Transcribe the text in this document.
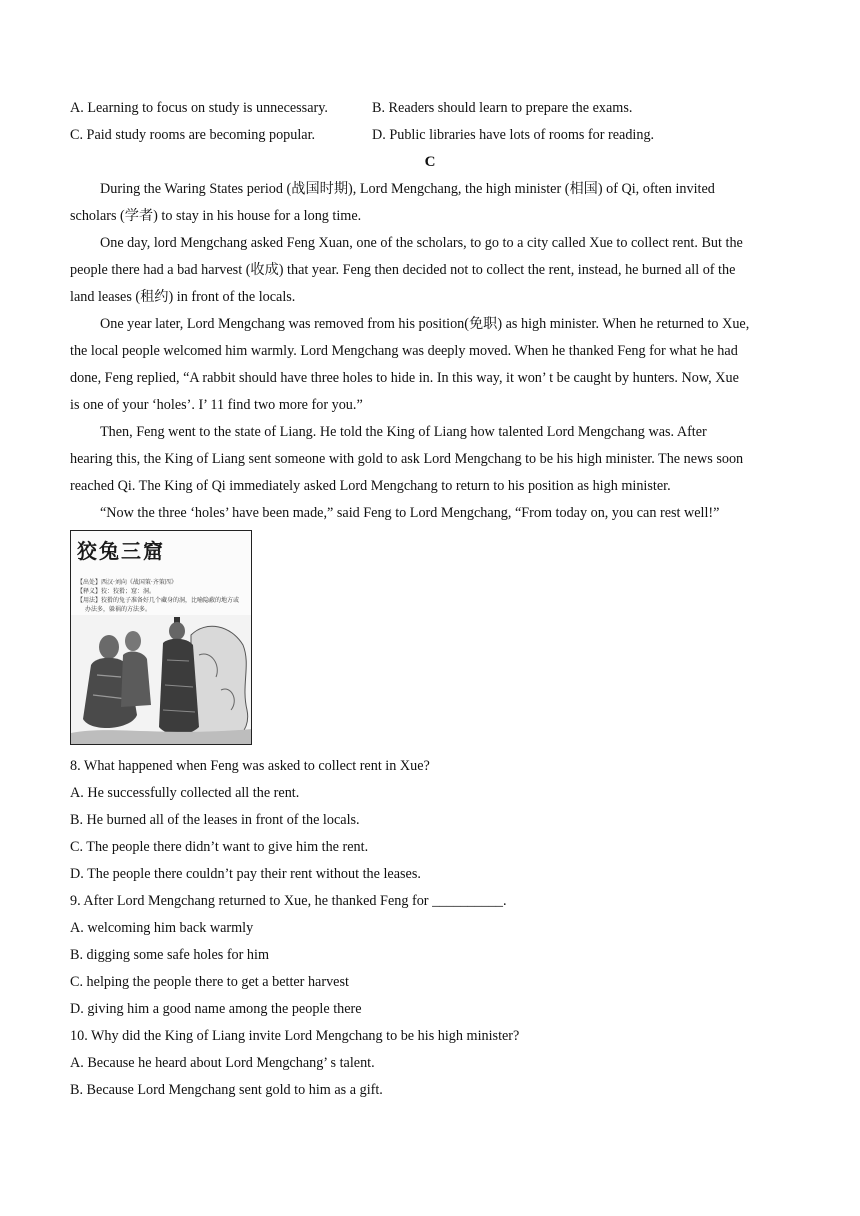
A. Learning to focus on study is unnecessary.	B. Readers should learn to prepare the exams.
C. Paid study rooms are becoming popular.	D. Public libraries have lots of rooms for reading.
C
During the Waring States period (战国时期), Lord Mengchang, the high minister (相国) of Qi, often invited
scholars (学者) to stay in his house for a long time.
One day, lord Mengchang asked Feng Xuan, one of the scholars, to go to a city called Xue to collect rent. But the
people there had a bad harvest (收成) that year. Feng then decided not to collect the rent, instead, he burned all of the
land leases (租约) in front of the locals.
One year later, Lord Mengchang was removed from his position(免职) as high minister. When he returned to Xue,
the local people welcomed him warmly. Lord Mengchang was deeply moved. When he thanked Feng for what he had
done, Feng replied, “A rabbit should have three holes to hide in. In this way, it won’ t be caught by hunters. Now, Xue
is one of your ‘holes’. I’ 11 find two more for you.”
Then, Feng went to the state of Liang. He told the King of Liang how talented Lord Mengchang was. After
hearing this, the King of Liang sent someone with gold to ask Lord Mengchang to be his high minister. The news soon
reached Qi. The King of Qi immediately asked Lord Mengchang to return to his position as high minister.
“Now the three ‘holes’ have been made,” said Feng to Lord Mengchang, “From today on, you can rest well!”
狡兔三窟
【出处】西汉·刘向《战国策·齐策四》
【释义】狡：狡猾；窟：洞。
【用法】狡猾的兔子准备好几个藏身的洞，比喻隐蔽的地方或
办法多，躲祸的方法多。
8. What happened when Feng was asked to collect rent in Xue?
A. He successfully collected all the rent.
B. He burned all of the leases in front of the locals.
C. The people there didn’t want to give him the rent.
D. The people there couldn’t pay their rent without the leases.
9. After Lord Mengchang returned to Xue, he thanked Feng for __________.
A. welcoming him back warmly
B. digging some safe holes for him
C. helping the people there to get a better harvest
D. giving him a good name among the people there
10. Why did the King of Liang invite Lord Mengchang to be his high minister?
A. Because he heard about Lord Mengchang’ s talent.
B. Because Lord Mengchang sent gold to him as a gift.
